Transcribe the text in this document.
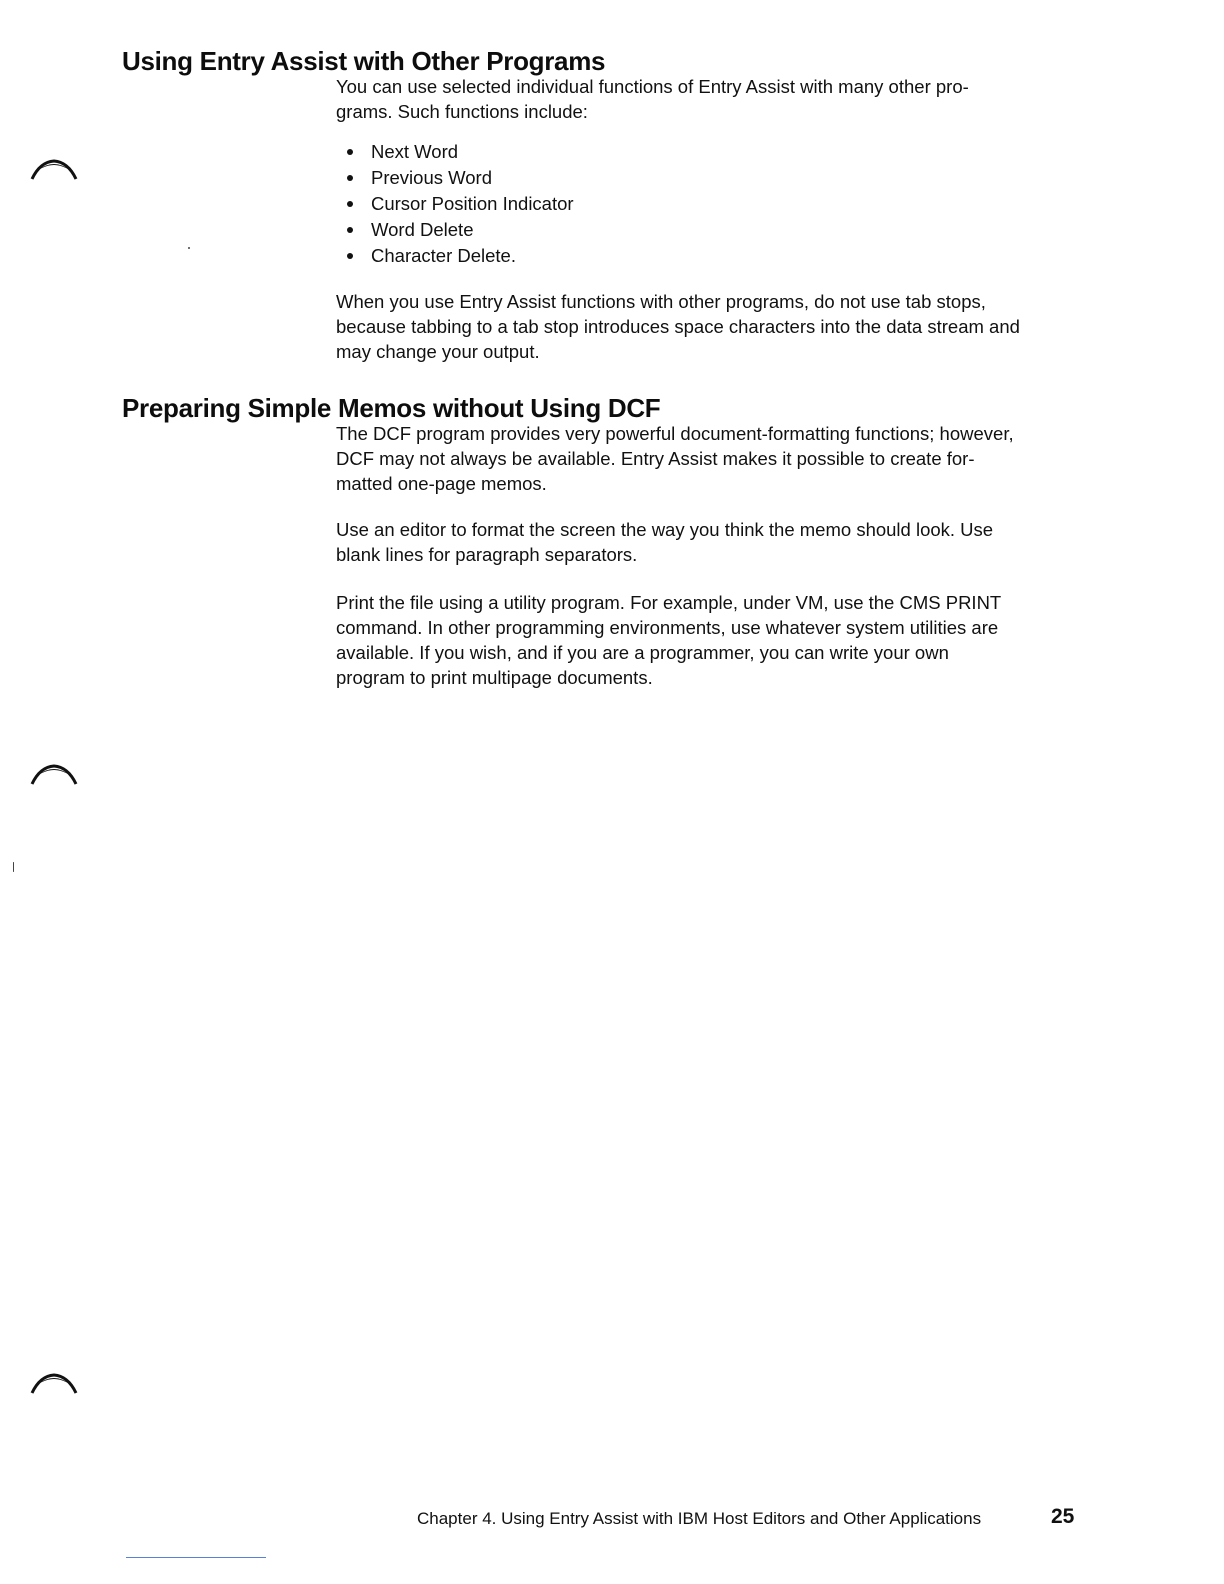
Using Entry Assist with Other Programs

You can use selected individual functions of Entry Assist with many other pro-
grams. Such functions include:

Next Word
Previous Word
Cursor Position Indicator
Word Delete
Character Delete.

When you use Entry Assist functions with other programs, do not use tab stops,
because tabbing to a tab stop introduces space characters into the data stream and
may change your output.

Preparing Simple Memos without Using DCF

The DCF program provides very powerful document-formatting functions; however,
DCF may not always be available. Entry Assist makes it possible to create for-
matted one-page memos.

Use an editor to format the screen the way you think the memo should look. Use
blank lines for paragraph separators.

Print the file using a utility program. For example, under VM, use the CMS PRINT
command. In other programming environments, use whatever system utilities are
available. If you wish, and if you are a programmer, you can write your own
program to print multipage documents.

Chapter 4. Using Entry Assist with IBM Host Editors and Other Applications	25
